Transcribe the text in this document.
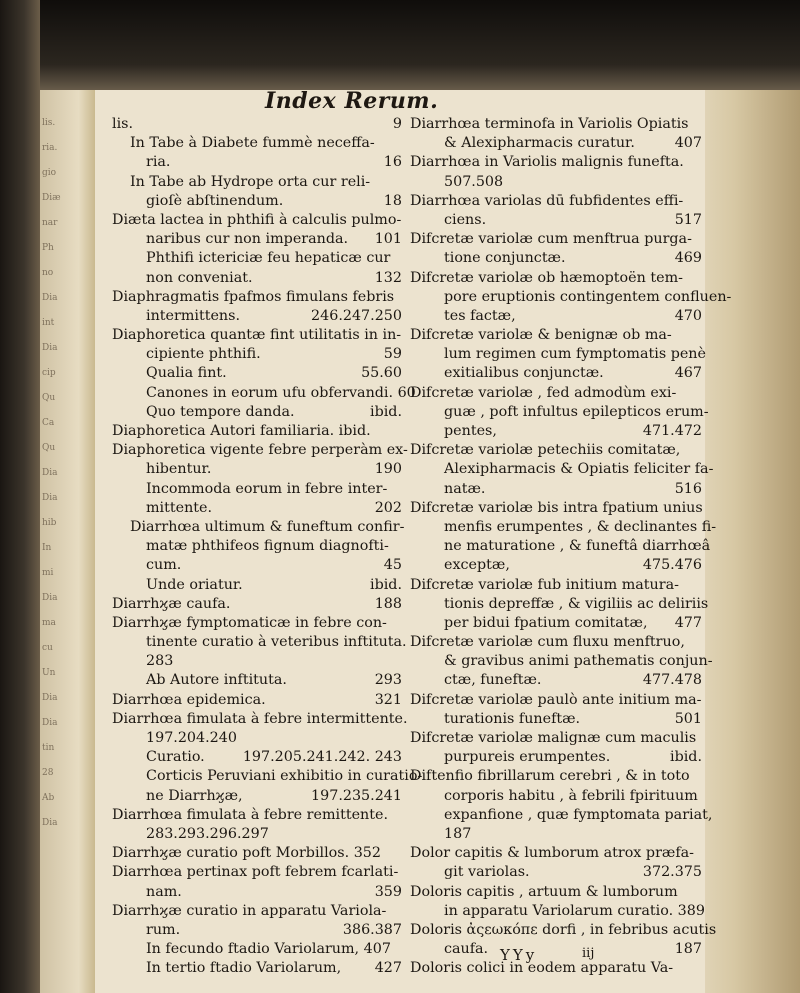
lis.
ria.
gio
Diæ
nar
Ph
no
Dia
int
Dia
cip
Qu
Ca
Qu
Dia
Dia
hib
In
mi
Dia
ma
cu
Un
Dia
Dia
tin
28
Ab
Dia
Index Rerum.
lis.	9
In Tabe à Diabete fummè neceffa-
ria.	16
In Tabe ab Hydrope orta cur reli-
gioſè abſtinendum.	18
Diæta lactea in phthifi à calculis pulmo-
naribus cur non imperanda. 101
Phthifi ictericiæ feu hepaticæ cur
non conveniat.	132
Diaphragmatis fpafmos fimulans febris
intermittens.	246.247.250
Diaphoretica quantæ fint utilitatis in in-
cipiente phthifi.	59
Qualia fint.	55.60
Canones in eorum ufu obfervandi. 60
Quo tempore danda.	ibid.
Diaphoretica Autori familiaria. ibid.
Diaphoretica vigente febre perperàm ex-
hibentur.	190
Incommoda eorum in febre inter-
mittente.	202
Diarrhœa ultimum & funeftum confir-
matæ phthifeos fignum diagnofti-
cum.	45
Unde oriatur.	ibid.
Diarrhϗæ caufa.	188
Diarrhϗæ fymptomaticæ in febre con-
tinente curatio à veteribus inftituta.
283
Ab Autore inftituta.	293
Diarrhœa epidemica.	321
Diarrhœa fimulata à febre intermittente.
197.204.240
Curatio.	197.205.241.242. 243
Corticis Peruviani exhibitio in curatio-
ne Diarrhϗæ,	197.235.241
Diarrhœa fimulata à febre remittente.
283.293.296.297
Diarrhϗæ curatio poft Morbillos. 352
Diarrhœa pertinax poft febrem fcarlati-
nam.	359
Diarrhϗæ curatio in apparatu Variola-
rum.	386.387
In fecundo ftadio Variolarum, 407
In tertio ftadio Variolarum, 427
Diarrhœa terminofa in Variolis Opiatis
& Alexipharmacis curatur.	407
Diarrhœa in Variolis malignis funefta.
507.508
Diarrhœa variolas dū fubfidentes effi-
ciens.	517
Difcretæ variolæ cum menftrua purga-
tione conjunctæ.	469
Difcretæ variolæ ob hæmoptoën tem-
pore eruptionis contingentem confluen-
tes factæ,	470
Difcretæ variolæ & benignæ ob ma-
lum regimen cum fymptomatis penè
exitialibus conjunctæ.	467
Difcretæ variolæ , fed admodùm exi-
guæ , poft infultus epilepticos erum-
pentes,	471.472
Difcretæ variolæ petechiis comitatæ,
Alexipharmacis & Opiatis feliciter fa-
natæ.	516
Difcretæ variolæ bis intra fpatium unius
menfis erumpentes , & declinantes fi-
ne maturatione , & funeftâ diarrhœâ
exceptæ,	475.476
Difcretæ variolæ fub initium matura-
tionis depreffæ , & vigiliis ac deliriis
per bidui fpatium comitatæ, 477
Difcretæ variolæ cum fluxu menftruo,
& gravibus animi pathematis conjun-
ctæ, funeftæ.	477.478
Difcretæ variolæ paulò ante initium ma-
turationis funeftæ.	501
Difcretæ variolæ malignæ cum maculis
purpureis erumpentes.	ibid.
Diftenfio fibrillarum cerebri , & in toto
corporis habitu , à febrili fpirituum
expanfione , quæ fymptomata pariat,
187
Dolor capitis & lumborum atrox præfa-
git variolas.	372.375
Doloris capitis , artuum & lumborum
in apparatu Variolarum curatio. 389
Doloris ἀςεωκόπε dorfi , in febribus acutis
caufa.	187
Doloris colici in eodem apparatu Va-
YYy	iij
